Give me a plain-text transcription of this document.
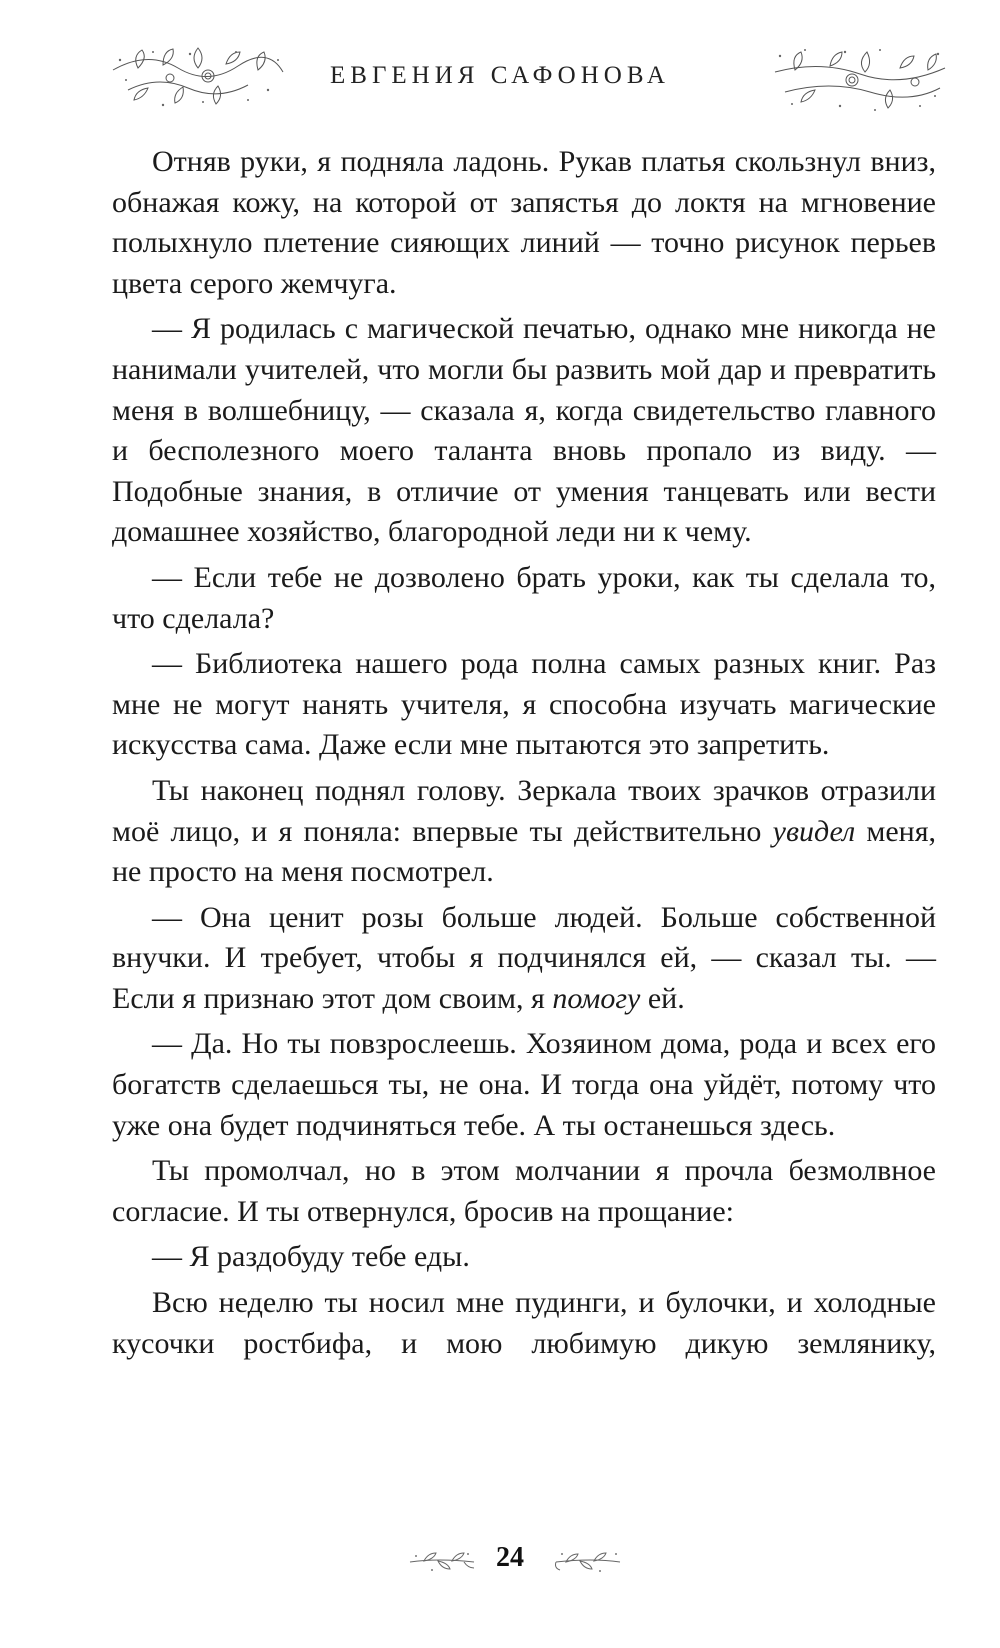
ЕВГЕНИЯ САФОНОВА

Отняв руки, я подняла ладонь. Рукав платья скользнул вниз, обнажая кожу, на которой от запястья до локтя на мгновение полыхнуло плетение сияющих линий — точно рисунок перьев цвета серого жемчуга.

— Я родилась с магической печатью, однако мне никогда не нанимали учителей, что могли бы развить мой дар и превратить меня в волшебницу, — сказала я, когда свидетельство главного и бесполезного моего таланта вновь пропало из виду. — Подобные знания, в отличие от умения танцевать или вести домашнее хозяйство, благородной леди ни к чему.

— Если тебе не дозволено брать уроки, как ты сделала то, что сделала?

— Библиотека нашего рода полна самых разных книг. Раз мне не могут нанять учителя, я способна изучать магические искусства сама. Даже если мне пытаются это запретить.

Ты наконец поднял голову. Зеркала твоих зрачков отразили моё лицо, и я поняла: впервые ты действительно увидел меня, не просто на меня посмотрел.

— Она ценит розы больше людей. Больше собственной внучки. И требует, чтобы я подчинялся ей, — сказал ты. — Если я признаю этот дом своим, я помогу ей.

— Да. Но ты повзрослеешь. Хозяином дома, рода и всех его богатств сделаешься ты, не она. И тогда она уйдёт, потому что уже она будет подчиняться тебе. А ты останешься здесь.

Ты промолчал, но в этом молчании я прочла безмолвное согласие. И ты отвернулся, бросив на прощание:

— Я раздобуду тебе еды.

Всю неделю ты носил мне пудинги, и булочки, и холодные кусочки ростбифа, и мою любимую дикую землянику,

24
